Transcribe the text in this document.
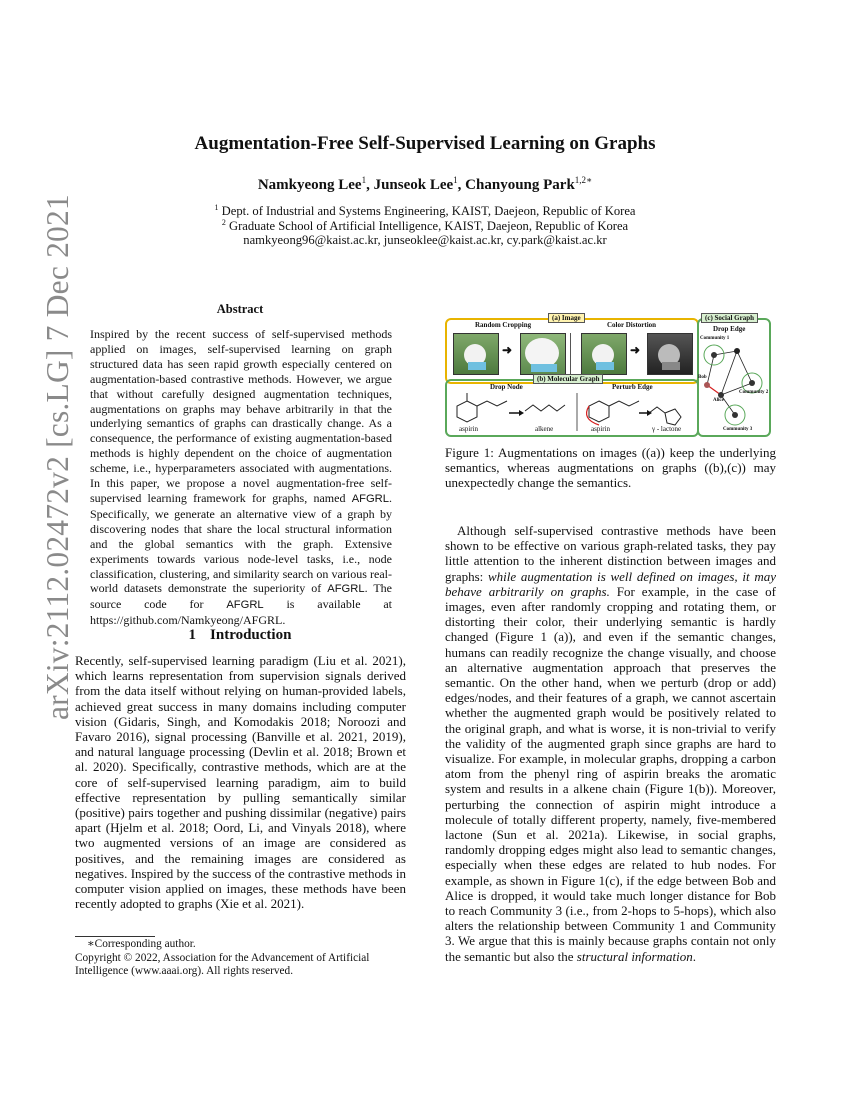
arXiv:2112.02472v2 [cs.LG] 7 Dec 2021
Augmentation-Free Self-Supervised Learning on Graphs
Namkyeong Lee$^1$, Junseok Lee$^1$, Chanyoung Park$^{1,2∗}$
$^1$ Dept. of Industrial and Systems Engineering, KAIST, Daejeon, Republic of Korea
$^2$ Graduate School of Artificial Intelligence, KAIST, Daejeon, Republic of Korea
namkyeong96@kaist.ac.kr, junseoklee@kaist.ac.kr, cy.park@kaist.ac.kr
Abstract
Inspired by the recent success of self-supervised methods applied on images, self-supervised learning on graph structured data has seen rapid growth especially centered on augmentation-based contrastive methods. However, we argue that without carefully designed augmentation techniques, augmentations on graphs may behave arbitrarily in that the underlying semantics of graphs can drastically change. As a consequence, the performance of existing augmentation-based methods is highly dependent on the choice of augmentation scheme, i.e., hyperparameters associated with augmentations. In this paper, we propose a novel augmentation-free self-supervised learning framework for graphs, named AFGRL. Specifically, we generate an alternative view of a graph by discovering nodes that share the local structural information and the global semantics with the graph. Extensive experiments towards various node-level tasks, i.e., node classification, clustering, and similarity search on various real-world datasets demonstrate the superiority of AFGRL. The source code for AFGRL is available at https://github.com/Namkyeong/AFGRL.
1 Introduction
Recently, self-supervised learning paradigm (Liu et al. 2021), which learns representation from supervision signals derived from the data itself without relying on human-provided labels, achieved great success in many domains including computer vision (Gidaris, Singh, and Komodakis 2018; Noroozi and Favaro 2016), signal processing (Banville et al. 2021, 2019), and natural language processing (Devlin et al. 2018; Brown et al. 2020). Specifically, contrastive methods, which are at the core of self-supervised learning paradigm, aim to build effective representation by pulling semantically similar (positive) pairs together and pushing dissimilar (negative) pairs apart (Hjelm et al. 2018; Oord, Li, and Vinyals 2018), where two augmented versions of an image are considered as positives, and the remaining images are considered as negatives. Inspired by the success of the contrastive methods in computer vision applied on images, these methods have been recently adopted to graphs (Xie et al. 2021).
∗Corresponding author.
Copyright © 2022, Association for the Advancement of Artificial Intelligence (www.aaai.org). All rights reserved.
(a) Image
Random Cropping	Color Distortion
➜	➜
(b) Molecular Graph
Drop Node	Perturb Edge
aspirin	alkene	aspirin	γ - lactone
(c) Social Graph
Drop Edge
Community 1
Community 2
Community 3
Bob
Alice
Figure 1: Augmentations on images ((a)) keep the underlying semantics, whereas augmentations on graphs ((b),(c)) may unexpectedly change the semantics.
Although self-supervised contrastive methods have been shown to be effective on various graph-related tasks, they pay little attention to the inherent distinction between images and graphs: while augmentation is well defined on images, it may behave arbitrarily on graphs. For example, in the case of images, even after randomly cropping and rotating them, or distorting their color, their underlying semantic is hardly changed (Figure 1 (a)), and even if the semantic changes, humans can readily recognize the change visually, and choose an alternative augmentation approach that preserves the semantic. On the other hand, when we perturb (drop or add) edges/nodes, and their features of a graph, we cannot ascertain whether the augmented graph would be positively related to the original graph, and what is worse, it is non-trivial to verify the validity of the augmented graph since graphs are hard to visualize. For example, in molecular graphs, dropping a carbon atom from the phenyl ring of aspirin breaks the aromatic system and results in a alkene chain (Figure 1(b)). Moreover, perturbing the connection of aspirin might introduce a molecule of totally different property, namely, five-membered lactone (Sun et al. 2021a). Likewise, in social graphs, randomly dropping edges might also lead to semantic changes, especially when these edges are related to hub nodes. For example, as shown in Figure 1(c), if the edge between Bob and Alice is dropped, it would take much longer distance for Bob to reach Community 3 (i.e., from 2-hops to 5-hops), which also alters the relationship between Community 1 and Community 3. We argue that this is mainly because graphs contain not only the semantic but also the structural information.
